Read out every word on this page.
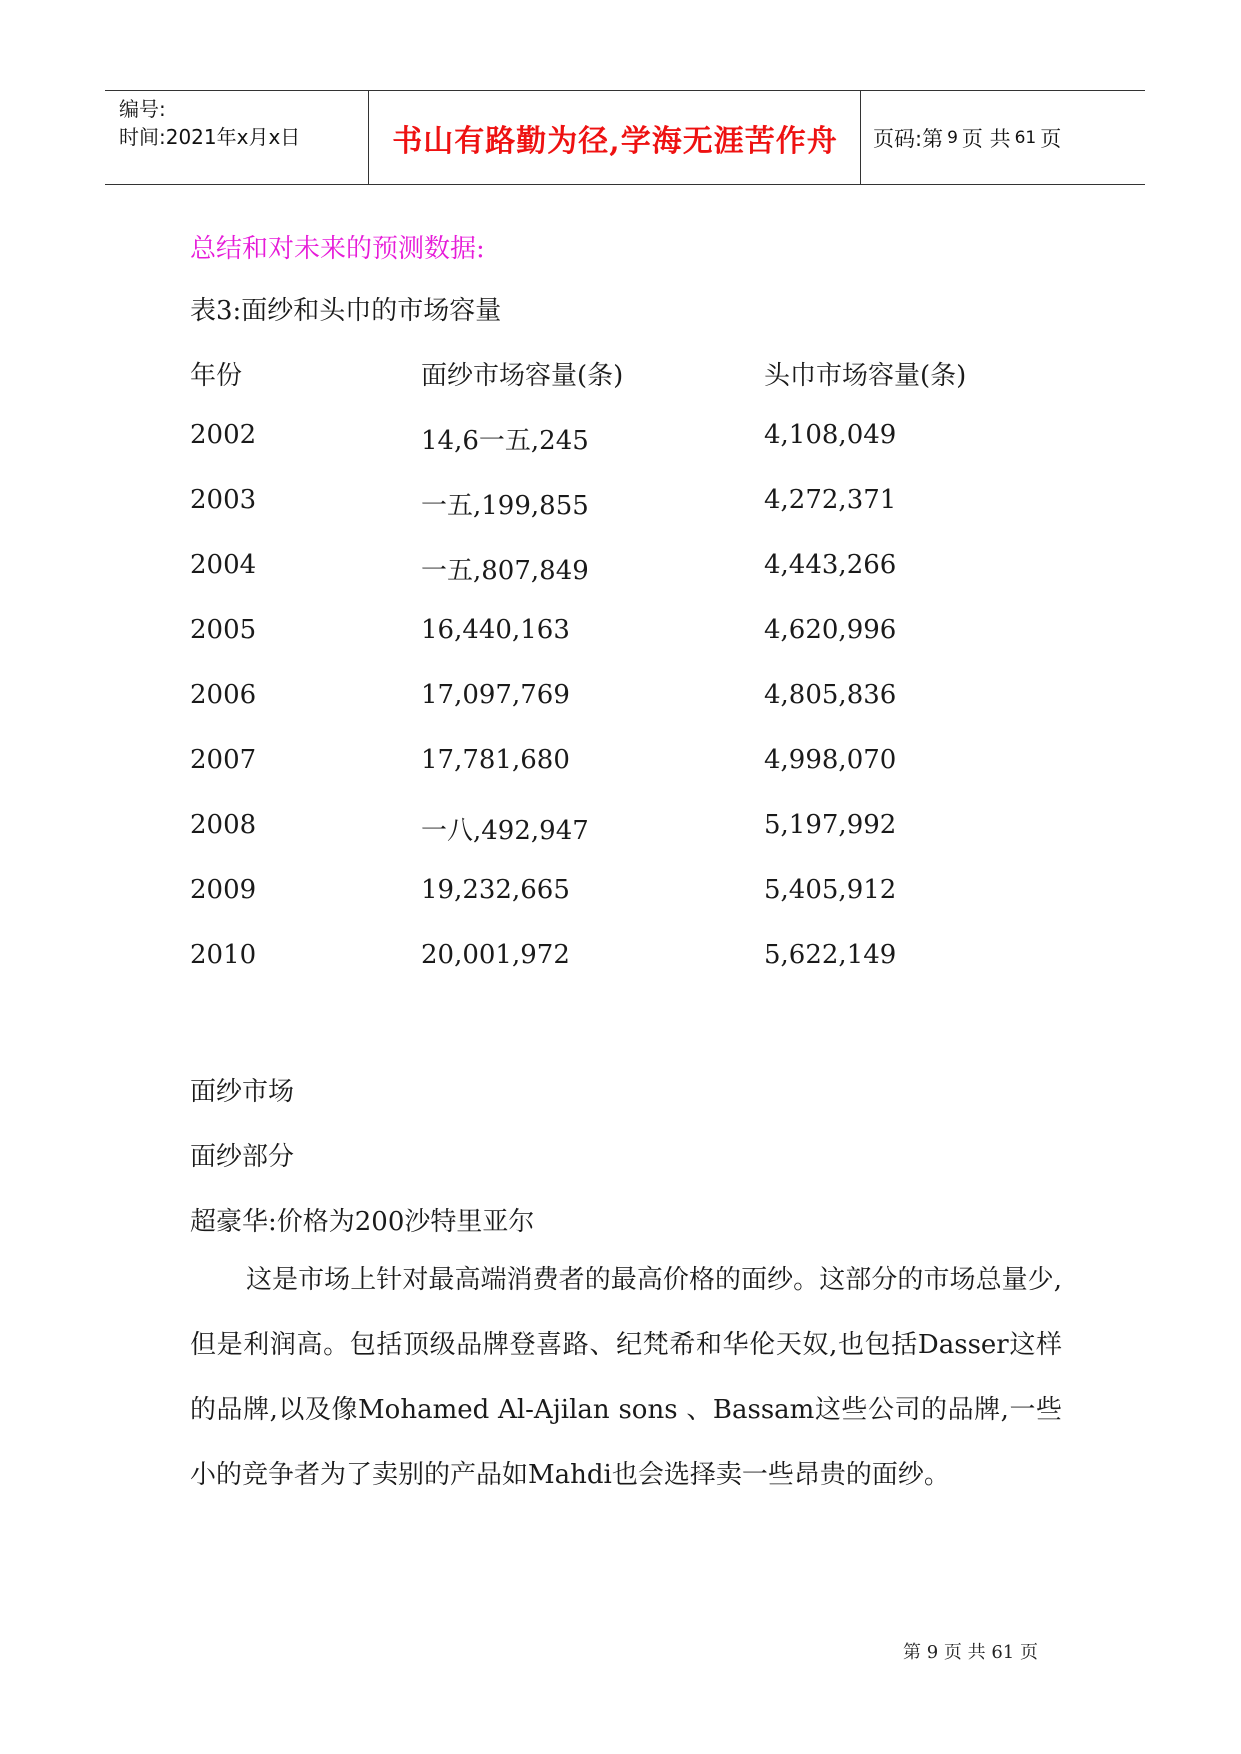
编号:
时间:2021年x月x日	书山有路勤为径,学海无涯苦作舟	页码:第 9 页 共 61 页
总结和对未来的预测数据:
表3:面纱和头巾的市场容量
年份	面纱市场容量(条)	头巾市场容量(条)
2002	14,6一五,245	4,108,049
2003	一五,199,855	4,272,371
2004	一五,807,849	4,443,266
2005	16,440,163	4,620,996
2006	17,097,769	4,805,836
2007	17,781,680	4,998,070
2008	一八,492,947	5,197,992
2009	19,232,665	5,405,912
2010	20,001,972	5,622,149
面纱市场
面纱部分
超豪华:价格为200沙特里亚尔

这是市场上针对最高端消费者的最高价格的面纱。这部分的市场总量少,但是利润高。包括顶级品牌登喜路、纪梵希和华伦天奴,也包括Dasser这样的品牌,以及像Mohamed Al-Ajilan sons 、Bassam这些公司的品牌,一些小的竞争者为了卖别的产品如Mahdi也会选择卖一些昂贵的面纱。

第 9 页 共 61 页
